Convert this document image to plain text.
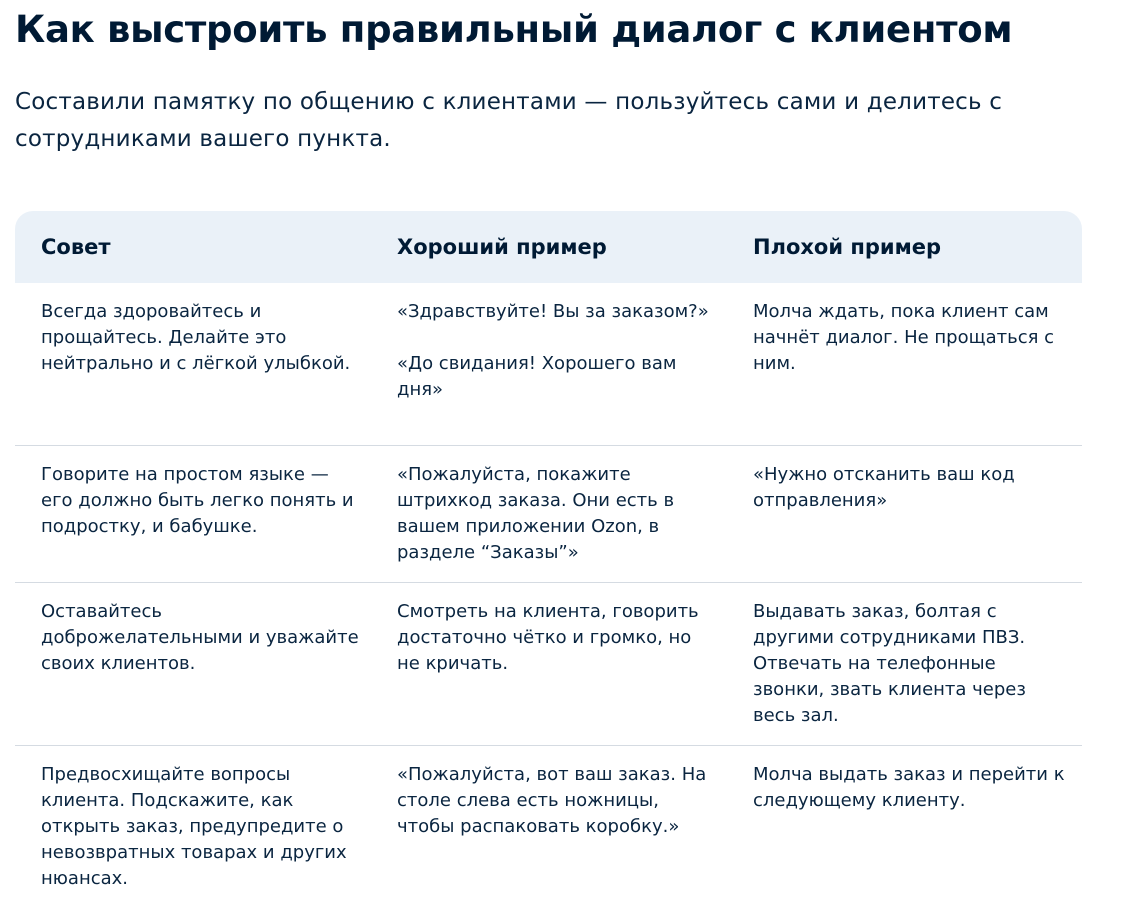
Как выстроить правильный диалог с клиентом

Составили памятку по общению с клиентами — пользуйтесь сами и делитесь с сотрудниками вашего пункта.

Совет	Хороший пример	Плохой пример

Всегда здоровайтесь и прощайтесь. Делайте это нейтрально и с лёгкой улыбкой.

«Здравствуйте! Вы за заказом?»

«До свидания! Хорошего вам дня»

Молча ждать, пока клиент сам начнёт диалог. Не прощаться с ним.

Говорите на простом языке — его должно быть легко понять и подростку, и бабушке.

«Пожалуйста, покажите штрихкод заказа. Они есть в вашем приложении Ozon, в разделе “Заказы”»

«Нужно отсканить ваш код отправления»

Оставайтесь доброжелательными и уважайте своих клиентов.

Смотреть на клиента, говорить достаточно чётко и громко, но не кричать.

Выдавать заказ, болтая с другими сотрудниками ПВЗ. Отвечать на телефонные звонки, звать клиента через весь зал.

Предвосхищайте вопросы клиента. Подскажите, как открыть заказ, предупредите о невозвратных товарах и других нюансах.

«Пожалуйста, вот ваш заказ. На столе слева есть ножницы, чтобы распаковать коробку.»

Молча выдать заказ и перейти к следующему клиенту.
